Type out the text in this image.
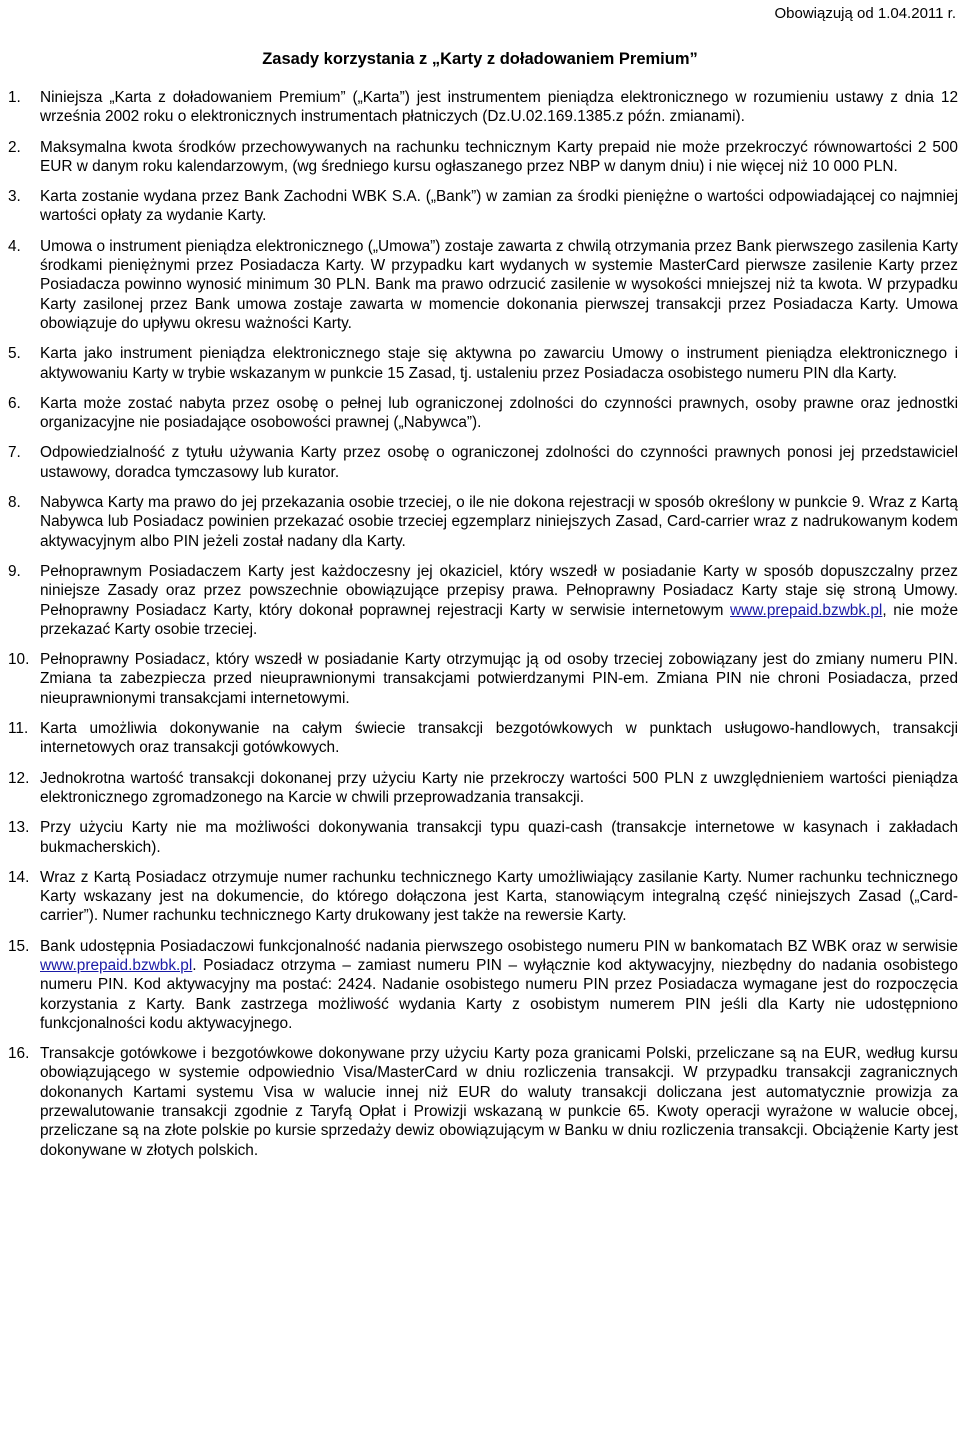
Obowiązują od 1.04.2011 r.
Zasady korzystania z „Karty z doładowaniem Premium”
1.	Niniejsza „Karta z doładowaniem Premium” („Karta”) jest instrumentem pieniądza elektronicznego w rozumieniu ustawy z dnia 12 września 2002 roku o elektronicznych instrumentach płatniczych (Dz.U.02.169.1385.z późn. zmianami).
2.	Maksymalna kwota środków przechowywanych na rachunku technicznym Karty prepaid nie może przekroczyć równowartości 2 500 EUR w danym roku kalendarzowym, (wg średniego kursu ogłaszanego przez NBP w danym dniu) i nie więcej niż 10 000 PLN.
3.	Karta zostanie wydana przez Bank Zachodni WBK S.A. („Bank”) w zamian za środki pieniężne o wartości odpowiadającej co najmniej wartości opłaty za wydanie Karty.
4.	Umowa o instrument pieniądza elektronicznego („Umowa”) zostaje zawarta z chwilą otrzymania przez Bank pierwszego zasilenia Karty środkami pieniężnymi przez Posiadacza Karty. W przypadku kart wydanych w systemie MasterCard pierwsze zasilenie Karty przez Posiadacza powinno wynosić minimum 30 PLN. Bank ma prawo odrzucić zasilenie w wysokości mniejszej niż ta kwota. W przypadku Karty zasilonej przez Bank umowa zostaje zawarta w momencie dokonania pierwszej transakcji przez Posiadacza Karty. Umowa obowiązuje do upływu okresu ważności Karty.
5.	Karta jako instrument pieniądza elektronicznego staje się aktywna po zawarciu Umowy o instrument pieniądza elektronicznego i aktywowaniu Karty w trybie wskazanym w punkcie 15 Zasad, tj. ustaleniu przez Posiadacza osobistego numeru PIN dla Karty.
6.	Karta może zostać nabyta przez osobę o pełnej lub ograniczonej zdolności do czynności prawnych, osoby prawne oraz jednostki organizacyjne nie posiadające osobowości prawnej („Nabywca”).
7.	Odpowiedzialność z tytułu używania Karty przez osobę o ograniczonej zdolności do czynności prawnych ponosi jej przedstawiciel ustawowy, doradca tymczasowy lub kurator.
8.	Nabywca Karty ma prawo do jej przekazania osobie trzeciej, o ile nie dokona rejestracji w sposób określony w punkcie 9. Wraz z Kartą Nabywca lub Posiadacz powinien przekazać osobie trzeciej egzemplarz niniejszych Zasad, Card-carrier wraz z nadrukowanym kodem aktywacyjnym albo PIN jeżeli został nadany dla Karty.
9.	Pełnoprawnym Posiadaczem Karty jest każdoczesny jej okaziciel, który wszedł w posiadanie Karty w sposób dopuszczalny przez niniejsze Zasady oraz przez powszechnie obowiązujące przepisy prawa. Pełnoprawny Posiadacz Karty staje się stroną Umowy. Pełnoprawny Posiadacz Karty, który dokonał poprawnej rejestracji Karty w serwisie internetowym www.prepaid.bzwbk.pl, nie może przekazać Karty osobie trzeciej.
10. Pełnoprawny Posiadacz, który wszedł w posiadanie Karty otrzymując ją od osoby trzeciej zobowiązany jest do zmiany numeru PIN. Zmiana ta zabezpiecza przed nieuprawnionymi transakcjami potwierdzanymi PIN-em. Zmiana PIN nie chroni Posiadacza, przed nieuprawnionymi transakcjami internetowymi.
11. Karta umożliwia dokonywanie na całym świecie transakcji bezgotówkowych w punktach usługowo-handlowych, transakcji internetowych oraz transakcji gotówkowych.
12. Jednokrotna wartość transakcji dokonanej przy użyciu Karty nie przekroczy wartości 500 PLN z uwzględnieniem wartości pieniądza elektronicznego zgromadzonego na Karcie w chwili przeprowadzania transakcji.
13. Przy użyciu Karty nie ma możliwości dokonywania transakcji typu quazi-cash (transakcje internetowe w kasynach i zakładach bukmacherskich).
14. Wraz z Kartą Posiadacz otrzymuje numer rachunku technicznego Karty umożliwiający zasilanie Karty. Numer rachunku technicznego Karty wskazany jest na dokumencie, do którego dołączona jest Karta, stanowiącym integralną część niniejszych Zasad („Card-carrier”). Numer rachunku technicznego Karty drukowany jest także na rewersie Karty.
15. Bank udostępnia Posiadaczowi funkcjonalność nadania pierwszego osobistego numeru PIN w bankomatach BZ WBK oraz w serwisie www.prepaid.bzwbk.pl. Posiadacz otrzyma – zamiast numeru PIN – wyłącznie kod aktywacyjny, niezbędny do nadania osobistego numeru PIN. Kod aktywacyjny ma postać: 2424. Nadanie osobistego numeru PIN przez Posiadacza wymagane jest do rozpoczęcia korzystania z Karty. Bank zastrzega możliwość wydania Karty z osobistym numerem PIN jeśli dla Karty nie udostępniono funkcjonalności kodu aktywacyjnego.
16. Transakcje gotówkowe i bezgotówkowe dokonywane przy użyciu Karty poza granicami Polski, przeliczane są na EUR, według kursu obowiązującego w systemie odpowiednio Visa/MasterCard w dniu rozliczenia transakcji. W przypadku transakcji zagranicznych dokonanych Kartami systemu Visa w walucie innej niż EUR do waluty transakcji doliczana jest automatycznie prowizja za przewalutowanie transakcji zgodnie z Taryfą Opłat i Prowizji wskazaną w punkcie 65. Kwoty operacji wyrażone w walucie obcej, przeliczane są na złote polskie po kursie sprzedaży dewiz obowiązującym w Banku w dniu rozliczenia transakcji. Obciążenie Karty jest dokonywane w złotych polskich.
